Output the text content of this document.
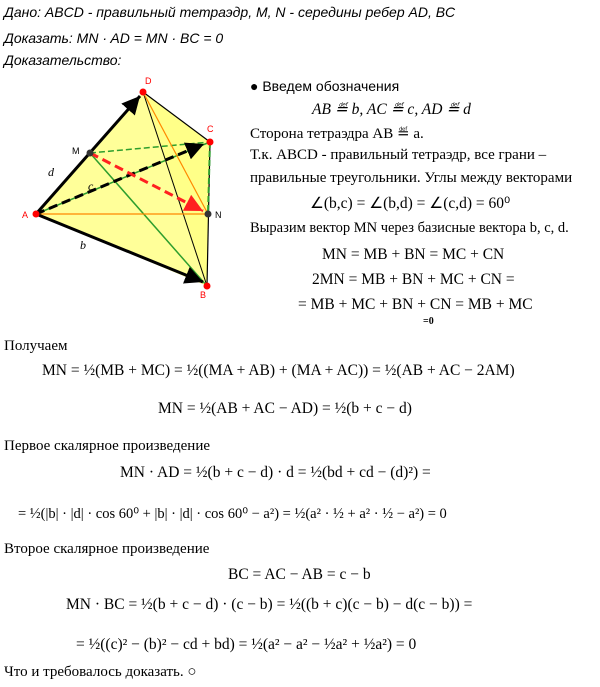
Дано: ABCD - правильный тетраэдр, M, N - середины ребер AD, BC
Доказать: MN · AD = MN · BC = 0
Доказательство:
A
B
C
D
M
N
d
c
b
● Введем обозначения
AB ≝ b, AC ≝ c, AD ≝ d
Сторона тетраэдра AB ≝ a.
Т.к. ABCD - правильный тетраэдр, все грани –
правильные треугольники. Углы между векторами
∠(b,c) = ∠(b,d) = ∠(c,d) = 60⁰
Выразим вектор MN через базисные вектора b, c, d.
MN = MB + BN = MC + CN
2MN = MB + BN + MC + CN =
= MB + MC + BN + CN = MB + MC
=0
Получаем
MN = ½(MB + MC) = ½((MA + AB) + (MA + AC)) = ½(AB + AC − 2AM)
MN = ½(AB + AC − AD) = ½(b + c − d)
Первое скалярное произведение
MN · AD = ½(b + c − d) · d = ½(bd + cd − (d)²) =
= ½(|b| · |d| · cos 60⁰ + |b| · |d| · cos 60⁰ − a²) = ½(a² · ½ + a² · ½ − a²) = 0
Второе скалярное произведение
BC = AC − AB = c − b
MN · BC = ½(b + c − d) · (c − b) = ½((b + c)(c − b) − d(c − b)) =
= ½((c)² − (b)² − cd + bd) = ½(a² − a² − ½a² + ½a²) = 0
Что и требовалось доказать. ○
